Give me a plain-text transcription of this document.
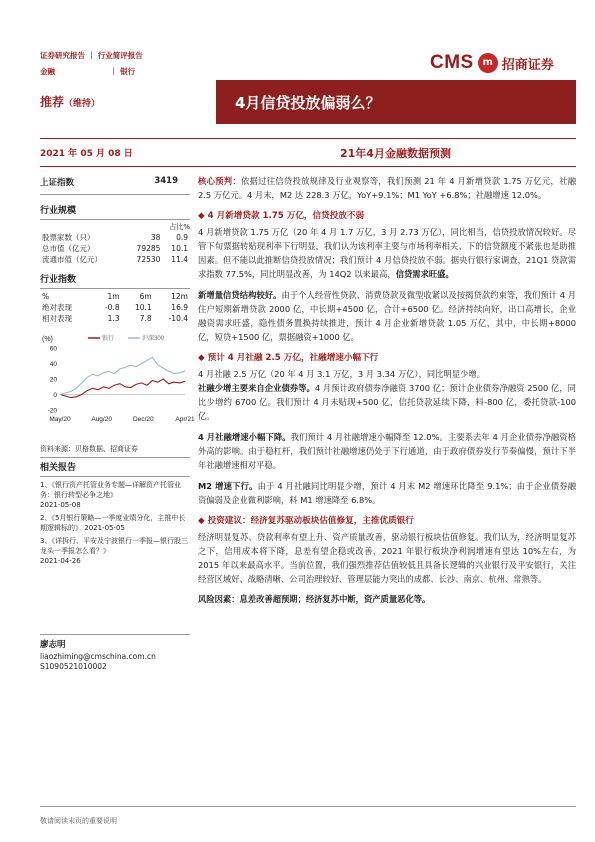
证券研究报告 ｜ 行业简评报告
金融	｜ 银行	CMS m 招商证券
推荐（维持）	4月信贷投放偏弱么？
2021 年 05 月 08 日	21年4月金融数据预测
上证指数	3419
行业规模
占比%
股票家数（只）	38	0.9
总市值（亿元）	79285	10.1
流通市值（亿元）	72530	11.4
行业指数
%	1m	6m	12m
绝对表现	-0.8	10.1	16.9
相对表现	1.3	7.8	-10.4
(%)	银行	沪深300
60
40
20
0
-20
May/20	Aug/20	Dec/20	Apr/21
资料来源：贝格数据、招商证券
相关报告
1、《银行资产托管业务专题—详解资产托管业务：银行转型必争之地》
2021-05-08
2、《5月银行策略—一季度业绩分化，主推中长期逻辑标的》 2021-05-05
3、《详拆行、平安及宁波银行一季报—银行股三龙头一季报怎么看？》
2021-04-26
廖志明
liaozhiming@cmschina.com.cn
S1090521010002
核心预判：依据过往信贷投放规律及行业观察等，我们预测 21 年 4 月新增贷款 1.75 万亿元，社融 2.5 万亿元。4 月末，M2 达 228.3 万亿，YoY+9.1%；M1 YoY +6.8%；社融增速 12.0%。
◆ 4 月新增贷款 1.75 万亿，信贷投放不弱
4 月新增贷款 1.75 万亿（20 年 4 月 1.7 万亿，3 月 2.73 万亿），同比相当，信贷投放情况较好。尽管下旬票据转贴现利率下行明显，我们认为该利率主要与市场利率相关、下的信贷额度不紧张也是助推因素。但不能以此推断信贷投放情况；我们预计 4 月信贷投放不弱。据央行银行家调查，21Q1 贷款需求指数 77.5%，同比明显改善，为 14Q2 以来最高，信贷需求旺盛。
新增量信贷结构较好。由于个人经营性贷款、消费贷款及微型收紧以及按揭贷款约束等，我们预计 4 月住户短期新增贷款 2000 亿，中长期+4500 亿，合计+6500 亿。经济持续向好，出口高增长，企业融资需求旺盛，隐性债务置换持续推进，预计 4 月企业新增贷款 1.05 万亿，其中，中长期+8000 亿，短贷+1500 亿，票据融资+1000 亿。
◆ 预计 4 月社融 2.5 万亿，社融增速小幅下行
4 月社融 2.5 万亿（20 年 4 月 3.1 万亿，3 月 3.34 万亿），同比明显少增。
社融少增主要来自企业债券等。4 月预计政府债券净融资 3700 亿；预计企业债券净融资 2500 亿，同比少增约 6700 亿。我们预计 4 月未贴现+500 亿，信托贷款延续下降，料-800 亿，委托贷款-100 亿。
4 月社融增速小幅下降。我们预计 4 月社融增速小幅降至 12.0%。主要系去年 4 月企业债券净融资格外高的影响。由于稳杠杆，我们预计社融增速仍处于下行通道，由于政府债券发行节奏偏慢，预计下半年社融增速相对平稳。
M2 增速下行。由于 4 月社融同比明显少增，预计 4 月末 M2 增速环比降至 9.1%；由于企业债券融资偏弱及企业微利影响，料 M1 增速降至 6.8%。
◆ 投资建议：经济复苏驱动板块估值修复，主推优质银行
经济明显复苏、贷款利率有望上升、资产质量改善，驱动银行板块估值修复。我们认为，经济明显复苏之下，信用成本将下降，息差有望企稳或改善，2021 年银行板块净利润增速有望达 10%左右，为 2015 年以来最高水平。当前位置，我们强烈推荐估值较低且具备长逻辑的兴业银行及平安银行，关注经营区域好、战略清晰、公司治理较好、管理层能力突出的成都、长沙、南京、杭州、常熟等。
风险因素：息差改善超预期；经济复苏中断，资产质量恶化等。
敬请阅读末页的重要说明
